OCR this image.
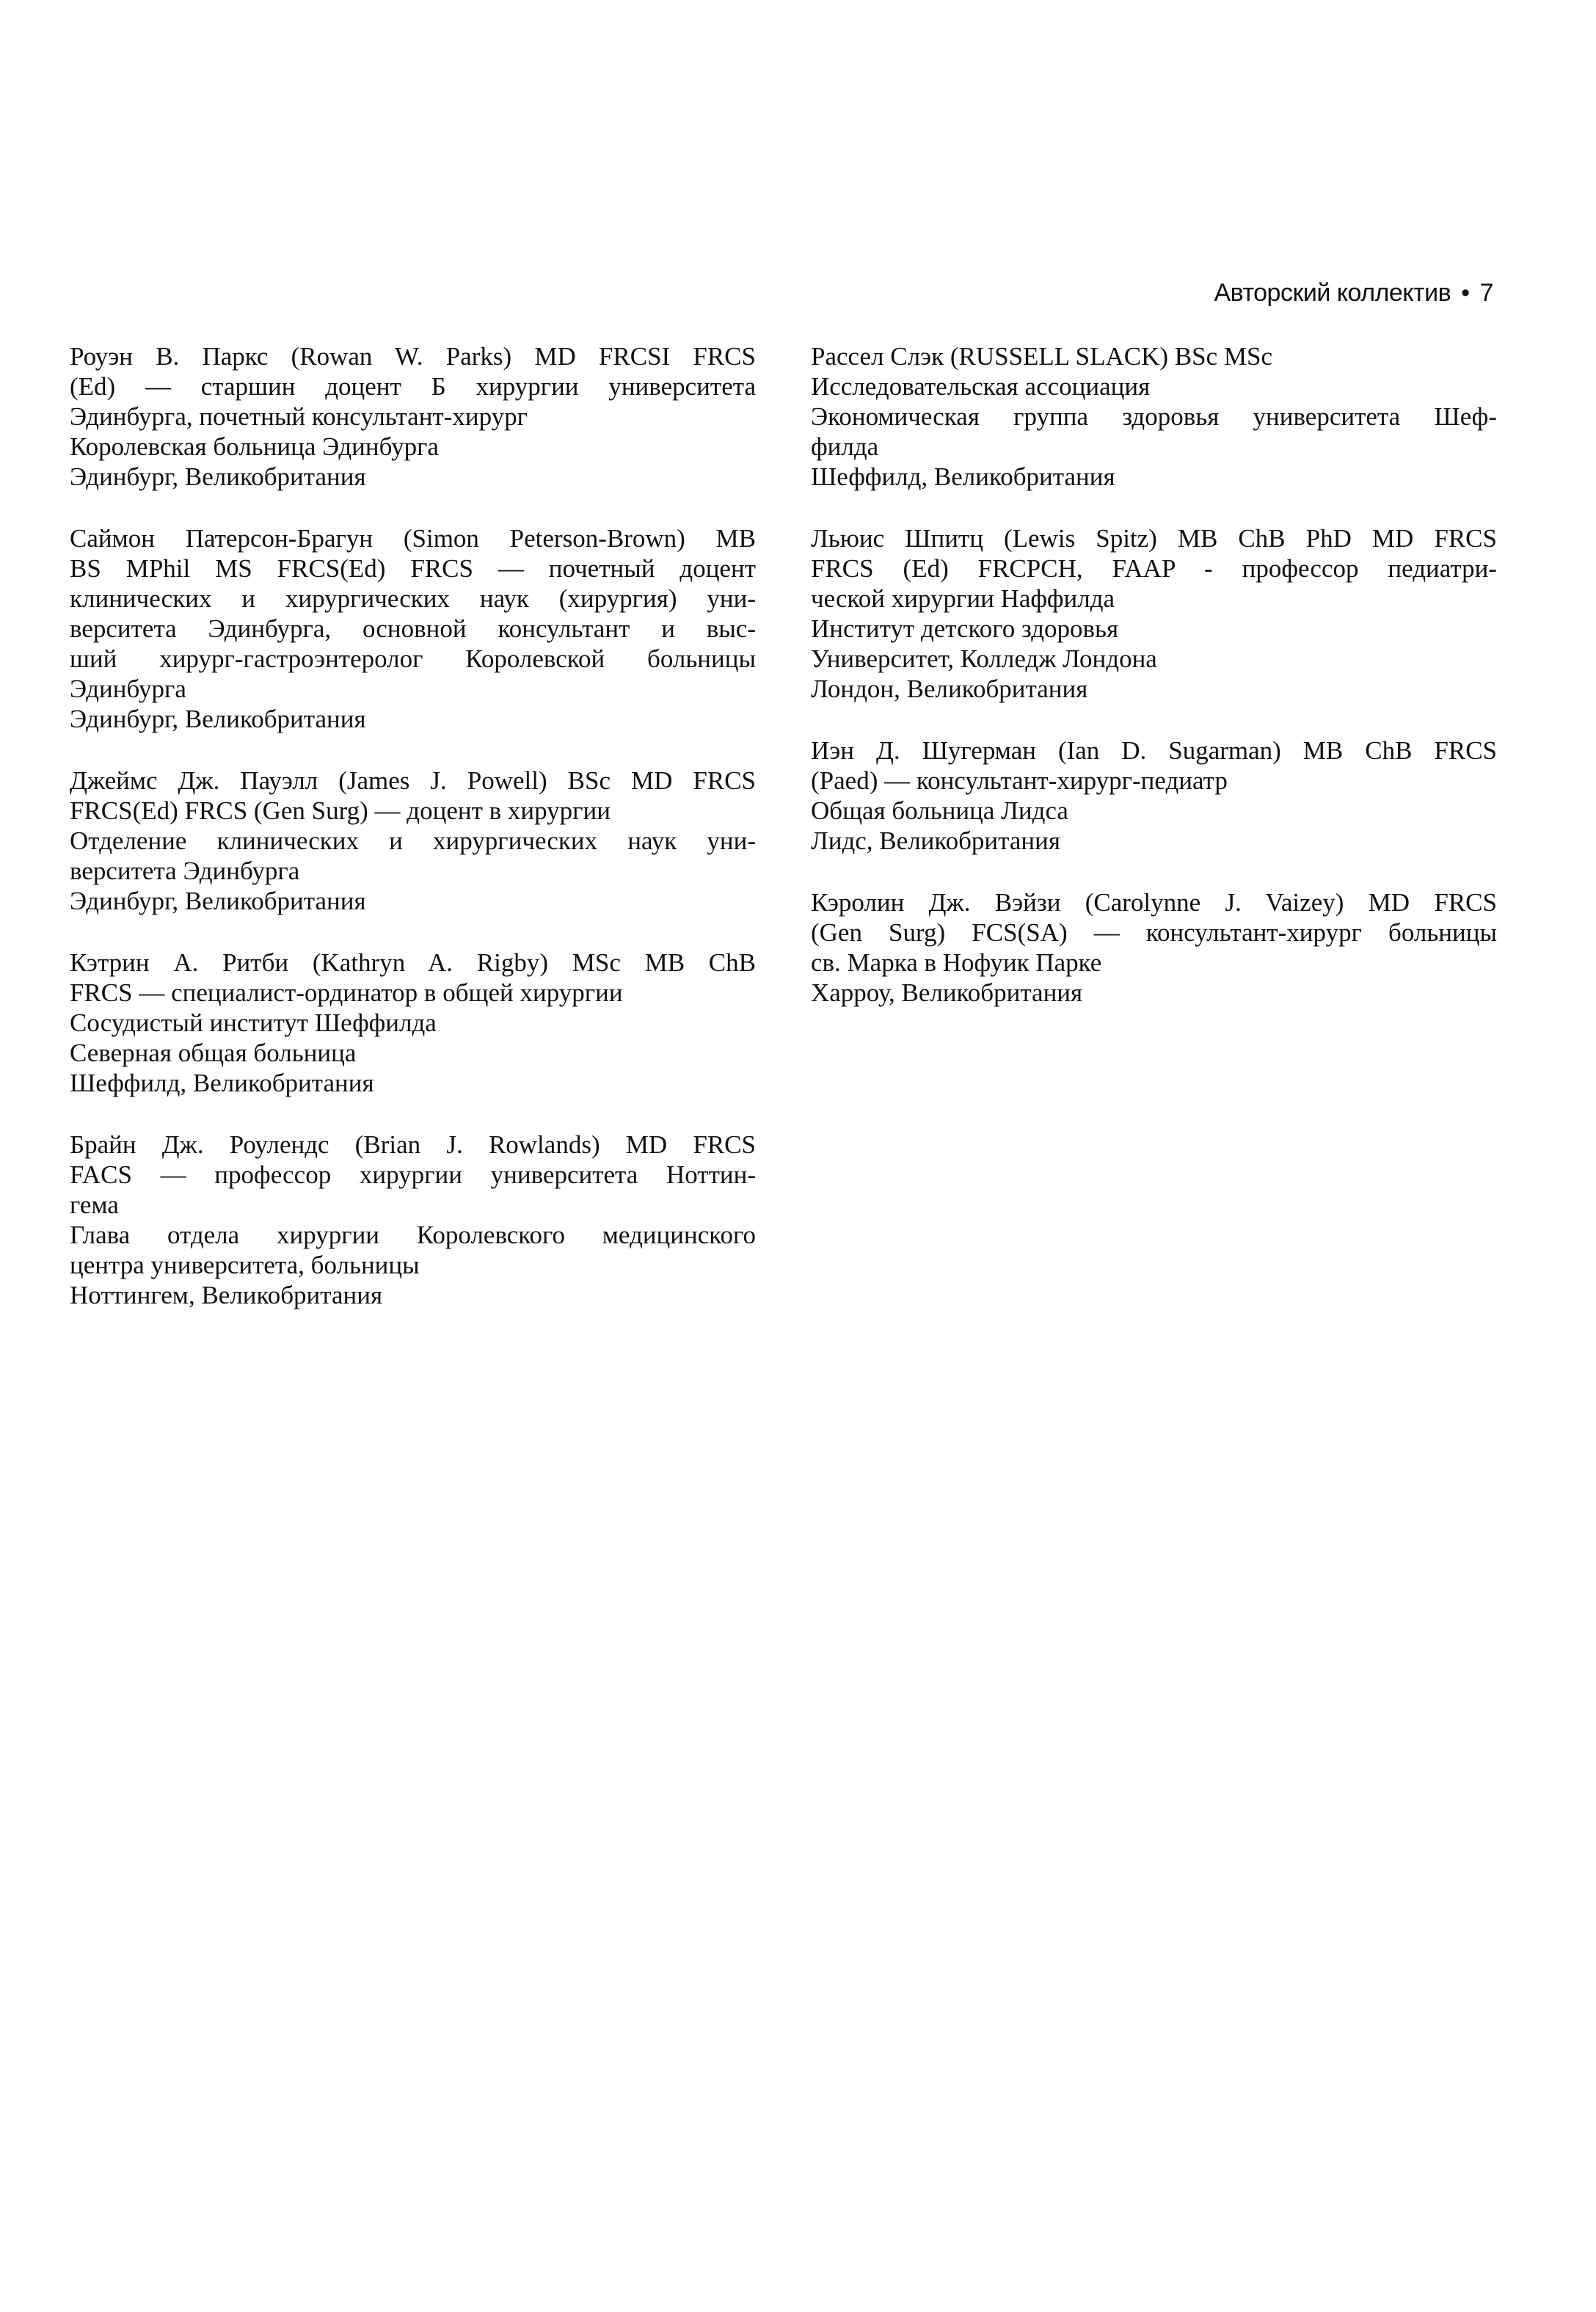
Авторский коллектив • 7
Роуэн В. Паркс (Rowan W. Parks) MD FRCSI FRCS
(Ed) — старшин доцент Б хирургии университета
Эдинбурга, почетный консультант-хирург
Королевская больница Эдинбурга
Эдинбург, Великобритания
Саймон Патерсон-Брагун (Simon Peterson-Brown) MB
BS MPhil MS FRCS(Ed) FRCS — почетный доцент
клинических и хирургических наук (хирургия) уни-
верситета Эдинбурга, основной консультант и выс-
ший хирург-гастроэнтеролог Королевской больницы
Эдинбурга
Эдинбург, Великобритания
Джеймс Дж. Пауэлл (James J. Powell) BSc MD FRCS
FRCS(Ed) FRCS (Gen Surg) — доцент в хирургии
Отделение клинических и хирургических наук уни-
верситета Эдинбурга
Эдинбург, Великобритания
Кэтрин А. Ритби (Kathryn A. Rigby) MSc MB ChB
FRCS — специалист-ординатор в общей хирургии
Сосудистый институт Шеффилда
Северная общая больница
Шеффилд, Великобритания
Брайн Дж. Роулендс (Brian J. Rowlands) MD FRCS
FACS — профессор хирургии университета Ноттин-
гема
Глава отдела хирургии Королевского медицинского
центра университета, больницы
Ноттингем, Великобритания
Рассел Слэк (RUSSELL SLACK) BSc MSc
Исследовательская ассоциация
Экономическая группа здоровья университета Шеф-
филда
Шеффилд, Великобритания
Льюис Шпитц (Lewis Spitz) MB ChB PhD MD FRCS
FRCS (Ed) FRCPCH, FAAP - профессор педиатри-
ческой хирургии Наффилда
Институт детского здоровья
Университет, Колледж Лондона
Лондон, Великобритания
Иэн Д. Шугерман (Ian D. Sugarman) MB ChB FRCS
(Paed) — консультант-хирург-педиатр
Общая больница Лидса
Лидс, Великобритания
Кэролин Дж. Вэйзи (Carolynne J. Vaizey) MD FRCS
(Gen Surg) FCS(SA) — консультант-хирург больницы
св. Марка в Нофуик Парке
Харроу, Великобритания
